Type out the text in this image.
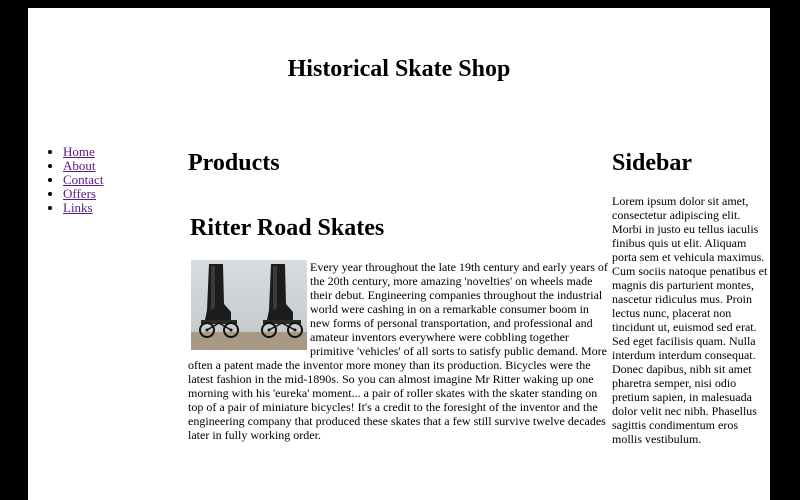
Historical Skate Shop
• Home
• About
• Contact
• Offers
• Links
Products
Ritter Road Skates
Every year throughout the late 19th century and early years of the 20th century, more amazing 'novelties' on wheels made their debut. Engineering companies throughout the industrial world were cashing in on a remarkable consumer boom in new forms of personal transportation, and professional and amateur inventors everywhere were cobbling together primitive 'vehicles' of all sorts to satisfy public demand. More often a patent made the inventor more money than its production. Bicycles were the latest fashion in the mid-1890s. So you can almost imagine Mr Ritter waking up one morning with his 'eureka' moment... a pair of roller skates with the skater standing on top of a pair of miniature bicycles! It's a credit to the foresight of the inventor and the engineering company that produced these skates that a few still survive twelve decades later in fully working order.
Sidebar

Lorem ipsum dolor sit amet, consectetur adipiscing elit. Morbi in justo eu tellus iaculis finibus quis ut elit. Aliquam porta sem et vehicula maximus. Cum sociis natoque penatibus et magnis dis parturient montes, nascetur ridiculus mus. Proin lectus nunc, placerat non tincidunt ut, euismod sed erat. Sed eget facilisis quam. Nulla interdum interdum consequat. Donec dapibus, nibh sit amet pharetra semper, nisi odio pretium sapien, in malesuada dolor velit nec nibh. Phasellus sagittis condimentum eros mollis vestibulum.
